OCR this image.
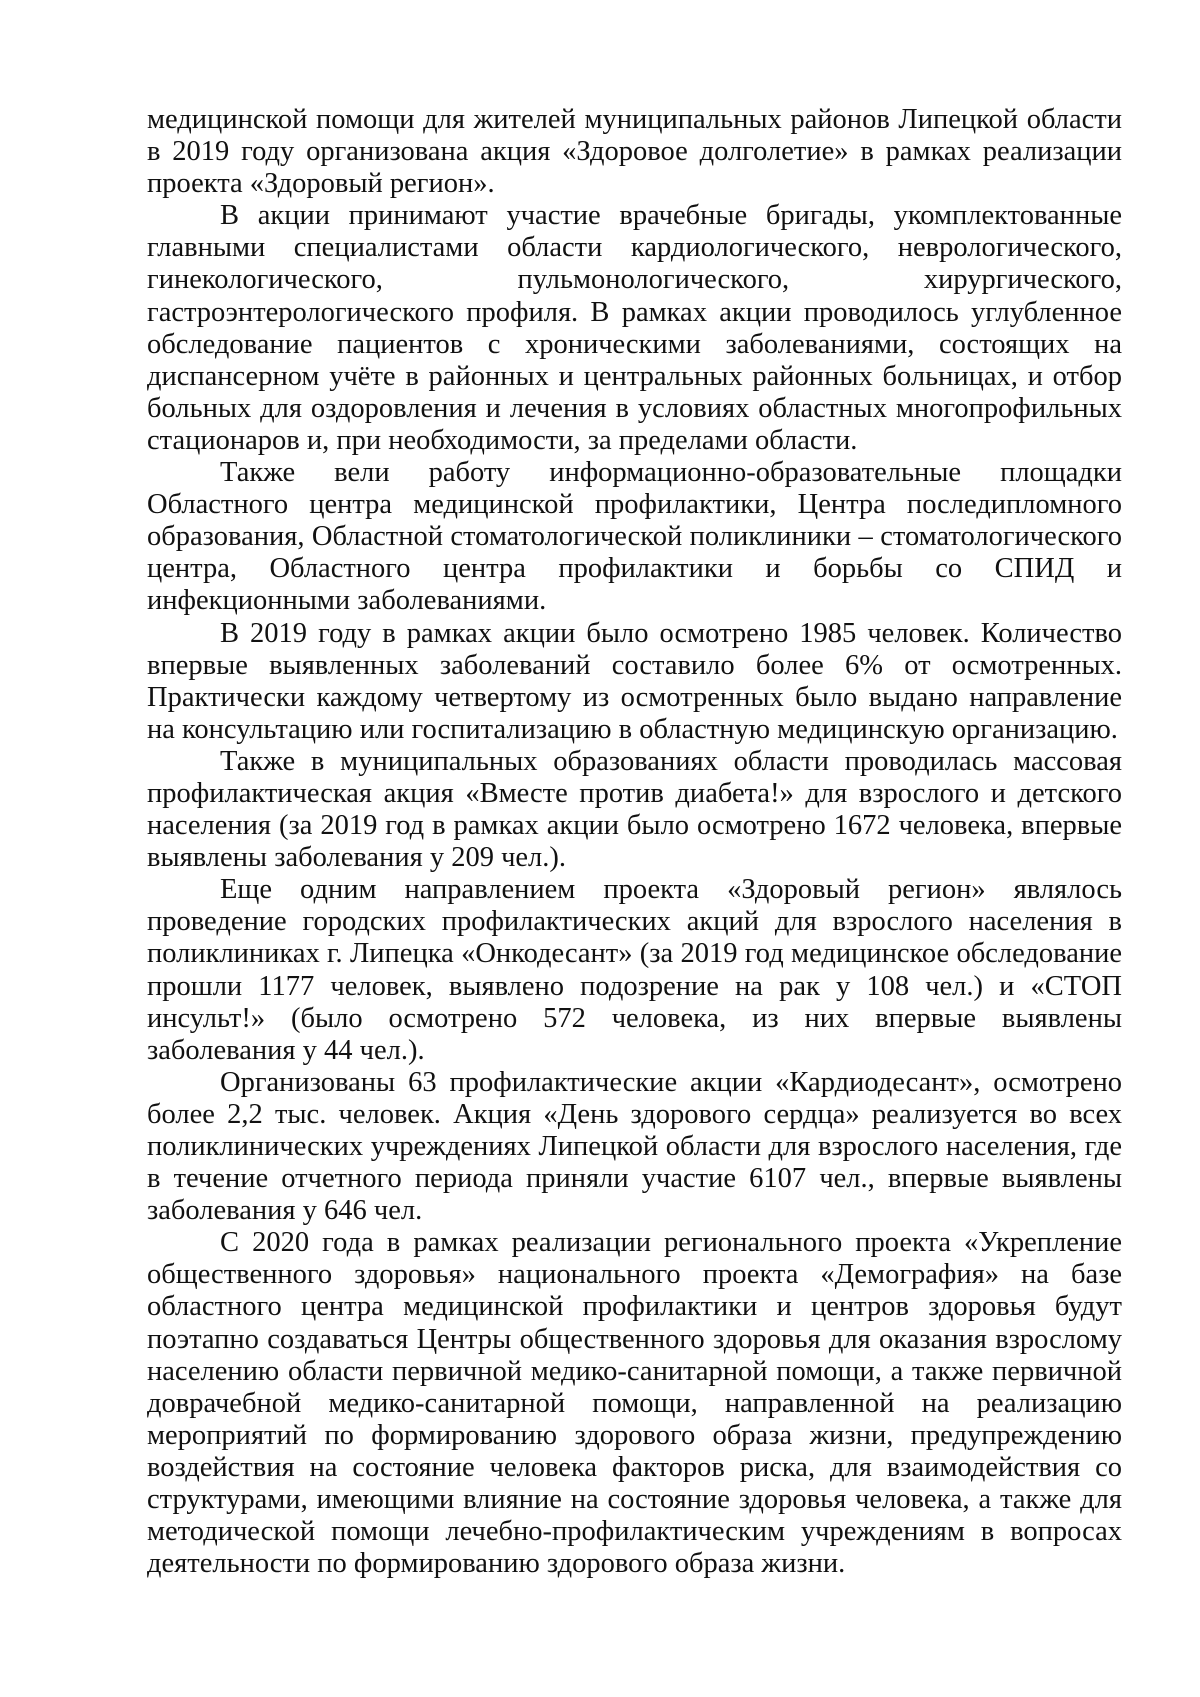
медицинской помощи для жителей муниципальных районов Липецкой области в 2019 году организована акция «Здоровое долголетие» в рамках реализации проекта «Здоровый регион».

В акции принимают участие врачебные бригады, укомплектованные главными специалистами области кардиологического, неврологического, гинекологического, пульмонологического, хирургического, гастроэнтерологического профиля. В рамках акции проводилось углубленное обследование пациентов с хроническими заболеваниями, состоящих на диспансерном учёте в районных и центральных районных больницах, и отбор больных для оздоровления и лечения в условиях областных многопрофильных стационаров и, при необходимости, за пределами области.

Также вели работу информационно-образовательные площадки Областного центра медицинской профилактики, Центра последипломного образования, Областной стоматологической поликлиники – стоматологического центра, Областного центра профилактики и борьбы со СПИД и инфекционными заболеваниями.

В 2019 году в рамках акции было осмотрено 1985 человек. Количество впервые выявленных заболеваний составило более 6% от осмотренных. Практически каждому четвертому из осмотренных было выдано направление на консультацию или госпитализацию в областную медицинскую организацию.

Также в муниципальных образованиях области проводилась массовая профилактическая акция «Вместе против диабета!» для взрослого и детского населения (за 2019 год в рамках акции было осмотрено 1672 человека, впервые выявлены заболевания у 209 чел.).

Еще одним направлением проекта «Здоровый регион» являлось проведение городских профилактических акций для взрослого населения в поликлиниках г. Липецка «Онкодесант» (за 2019 год медицинское обследование прошли 1177 человек, выявлено подозрение на рак у 108 чел.) и «СТОП инсульт!» (было осмотрено 572 человека, из них впервые выявлены заболевания у 44 чел.).

Организованы 63 профилактические акции «Кардиодесант», осмотрено более 2,2 тыс. человек. Акция «День здорового сердца» реализуется во всех поликлинических учреждениях Липецкой области для взрослого населения, где в течение отчетного периода приняли участие 6107 чел., впервые выявлены заболевания у 646 чел.

С 2020 года в рамках реализации регионального проекта «Укрепление общественного здоровья» национального проекта «Демография» на базе областного центра медицинской профилактики и центров здоровья будут поэтапно создаваться Центры общественного здоровья для оказания взрослому населению области первичной медико-санитарной помощи, а также первичной доврачебной медико-санитарной помощи, направленной на реализацию мероприятий по формированию здорового образа жизни, предупреждению воздействия на состояние человека факторов риска, для взаимодействия со структурами, имеющими влияние на состояние здоровья человека, а также для методической помощи лечебно-профилактическим учреждениям в вопросах деятельности по формированию здорового образа жизни.
